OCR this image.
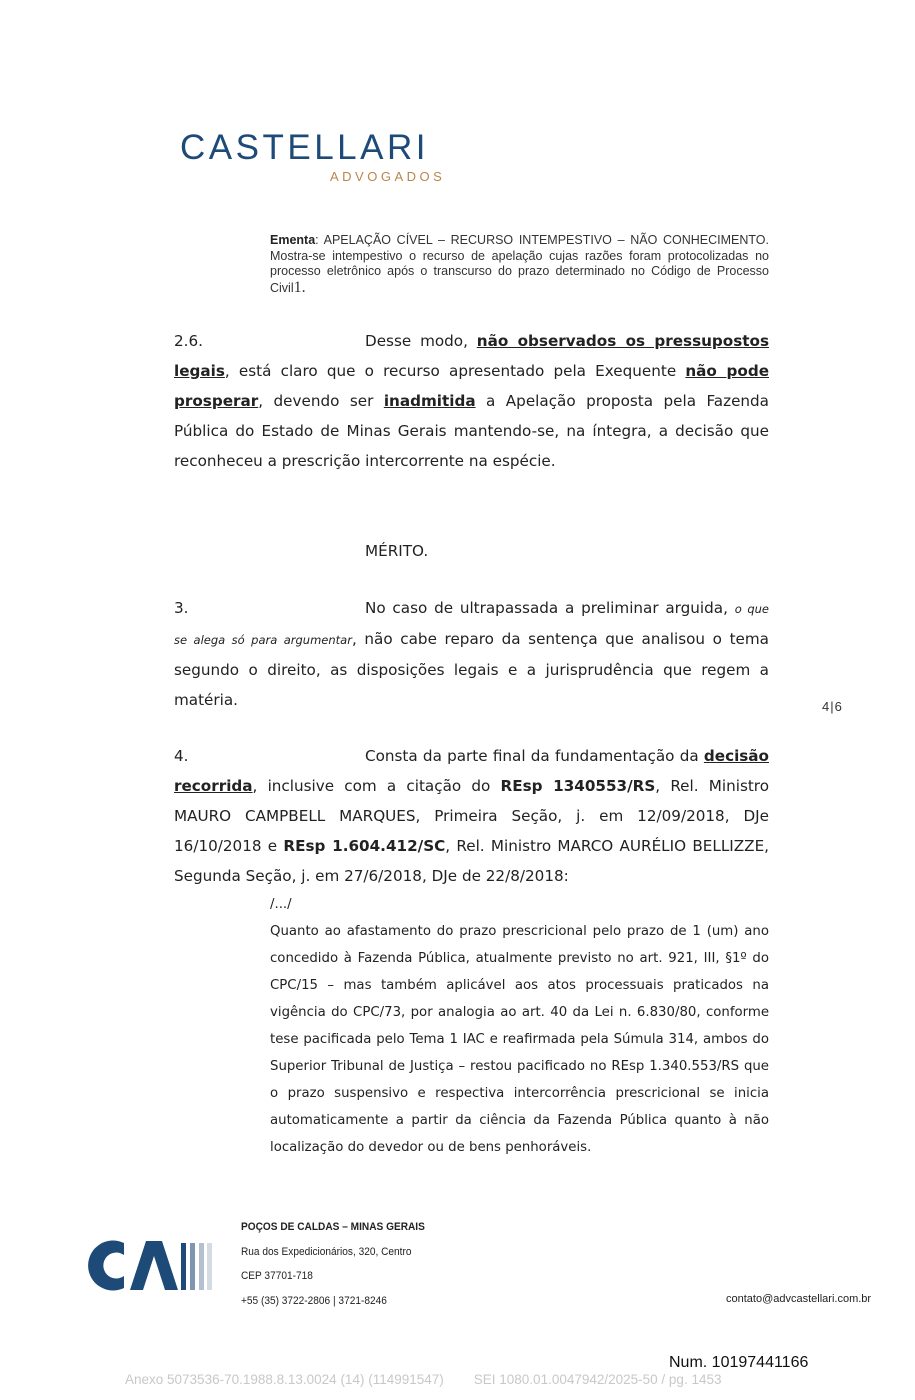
CASTELLARI
ADVOGADOS
Ementa: APELAÇÃO CÍVEL – RECURSO INTEMPESTIVO – NÃO CONHECIMENTO. Mostra-se intempestivo o recurso de apelação cujas razões foram protocolizadas no processo eletrônico após o transcurso do prazo determinado no Código de Processo Civil1.
2.6.	Desse modo, não observados os pressupostos legais, está claro que o recurso apresentado pela Exequente não pode prosperar, devendo ser inadmitida a Apelação proposta pela Fazenda Pública do Estado de Minas Gerais mantendo-se, na íntegra, a decisão que reconheceu a prescrição intercorrente na espécie.
MÉRITO.
3.	No caso de ultrapassada a preliminar arguida, o que se alega só para argumentar, não cabe reparo da sentença que analisou o tema segundo o direito, as disposições legais e a jurisprudência que regem a matéria.	4|6
4.	Consta da parte final da fundamentação da decisão recorrida, inclusive com a citação do REsp 1340553/RS, Rel. Ministro MAURO CAMPBELL MARQUES, Primeira Seção, j. em 12/09/2018, DJe 16/10/2018 e REsp 1.604.412/SC, Rel. Ministro MARCO AURÉLIO BELLIZZE, Segunda Seção, j. em 27/6/2018, DJe de 22/8/2018:
/.../
Quanto ao afastamento do prazo prescricional pelo prazo de 1 (um) ano concedido à Fazenda Pública, atualmente previsto no art. 921, III, §1º do CPC/15 – mas também aplicável aos atos processuais praticados na vigência do CPC/73, por analogia ao art. 40 da Lei n. 6.830/80, conforme tese pacificada pelo Tema 1 IAC e reafirmada pela Súmula 314, ambos do Superior Tribunal de Justiça – restou pacificado no REsp 1.340.553/RS que o prazo suspensivo e respectiva intercorrência prescricional se inicia automaticamente a partir da ciência da Fazenda Pública quanto à não localização do devedor ou de bens penhoráveis.
POÇOS DE CALDAS – MINAS GERAIS
Rua dos Expedicionários, 320, Centro
CEP 37701-718
+55 (35) 3722-2806 | 3721-8246	contato@advcastellari.com.br
Num. 10197441166
Anexo 5073536-70.1988.8.13.0024 (14) (114991547)        SEI 1080.01.0047942/2025-50 / pg. 1453
